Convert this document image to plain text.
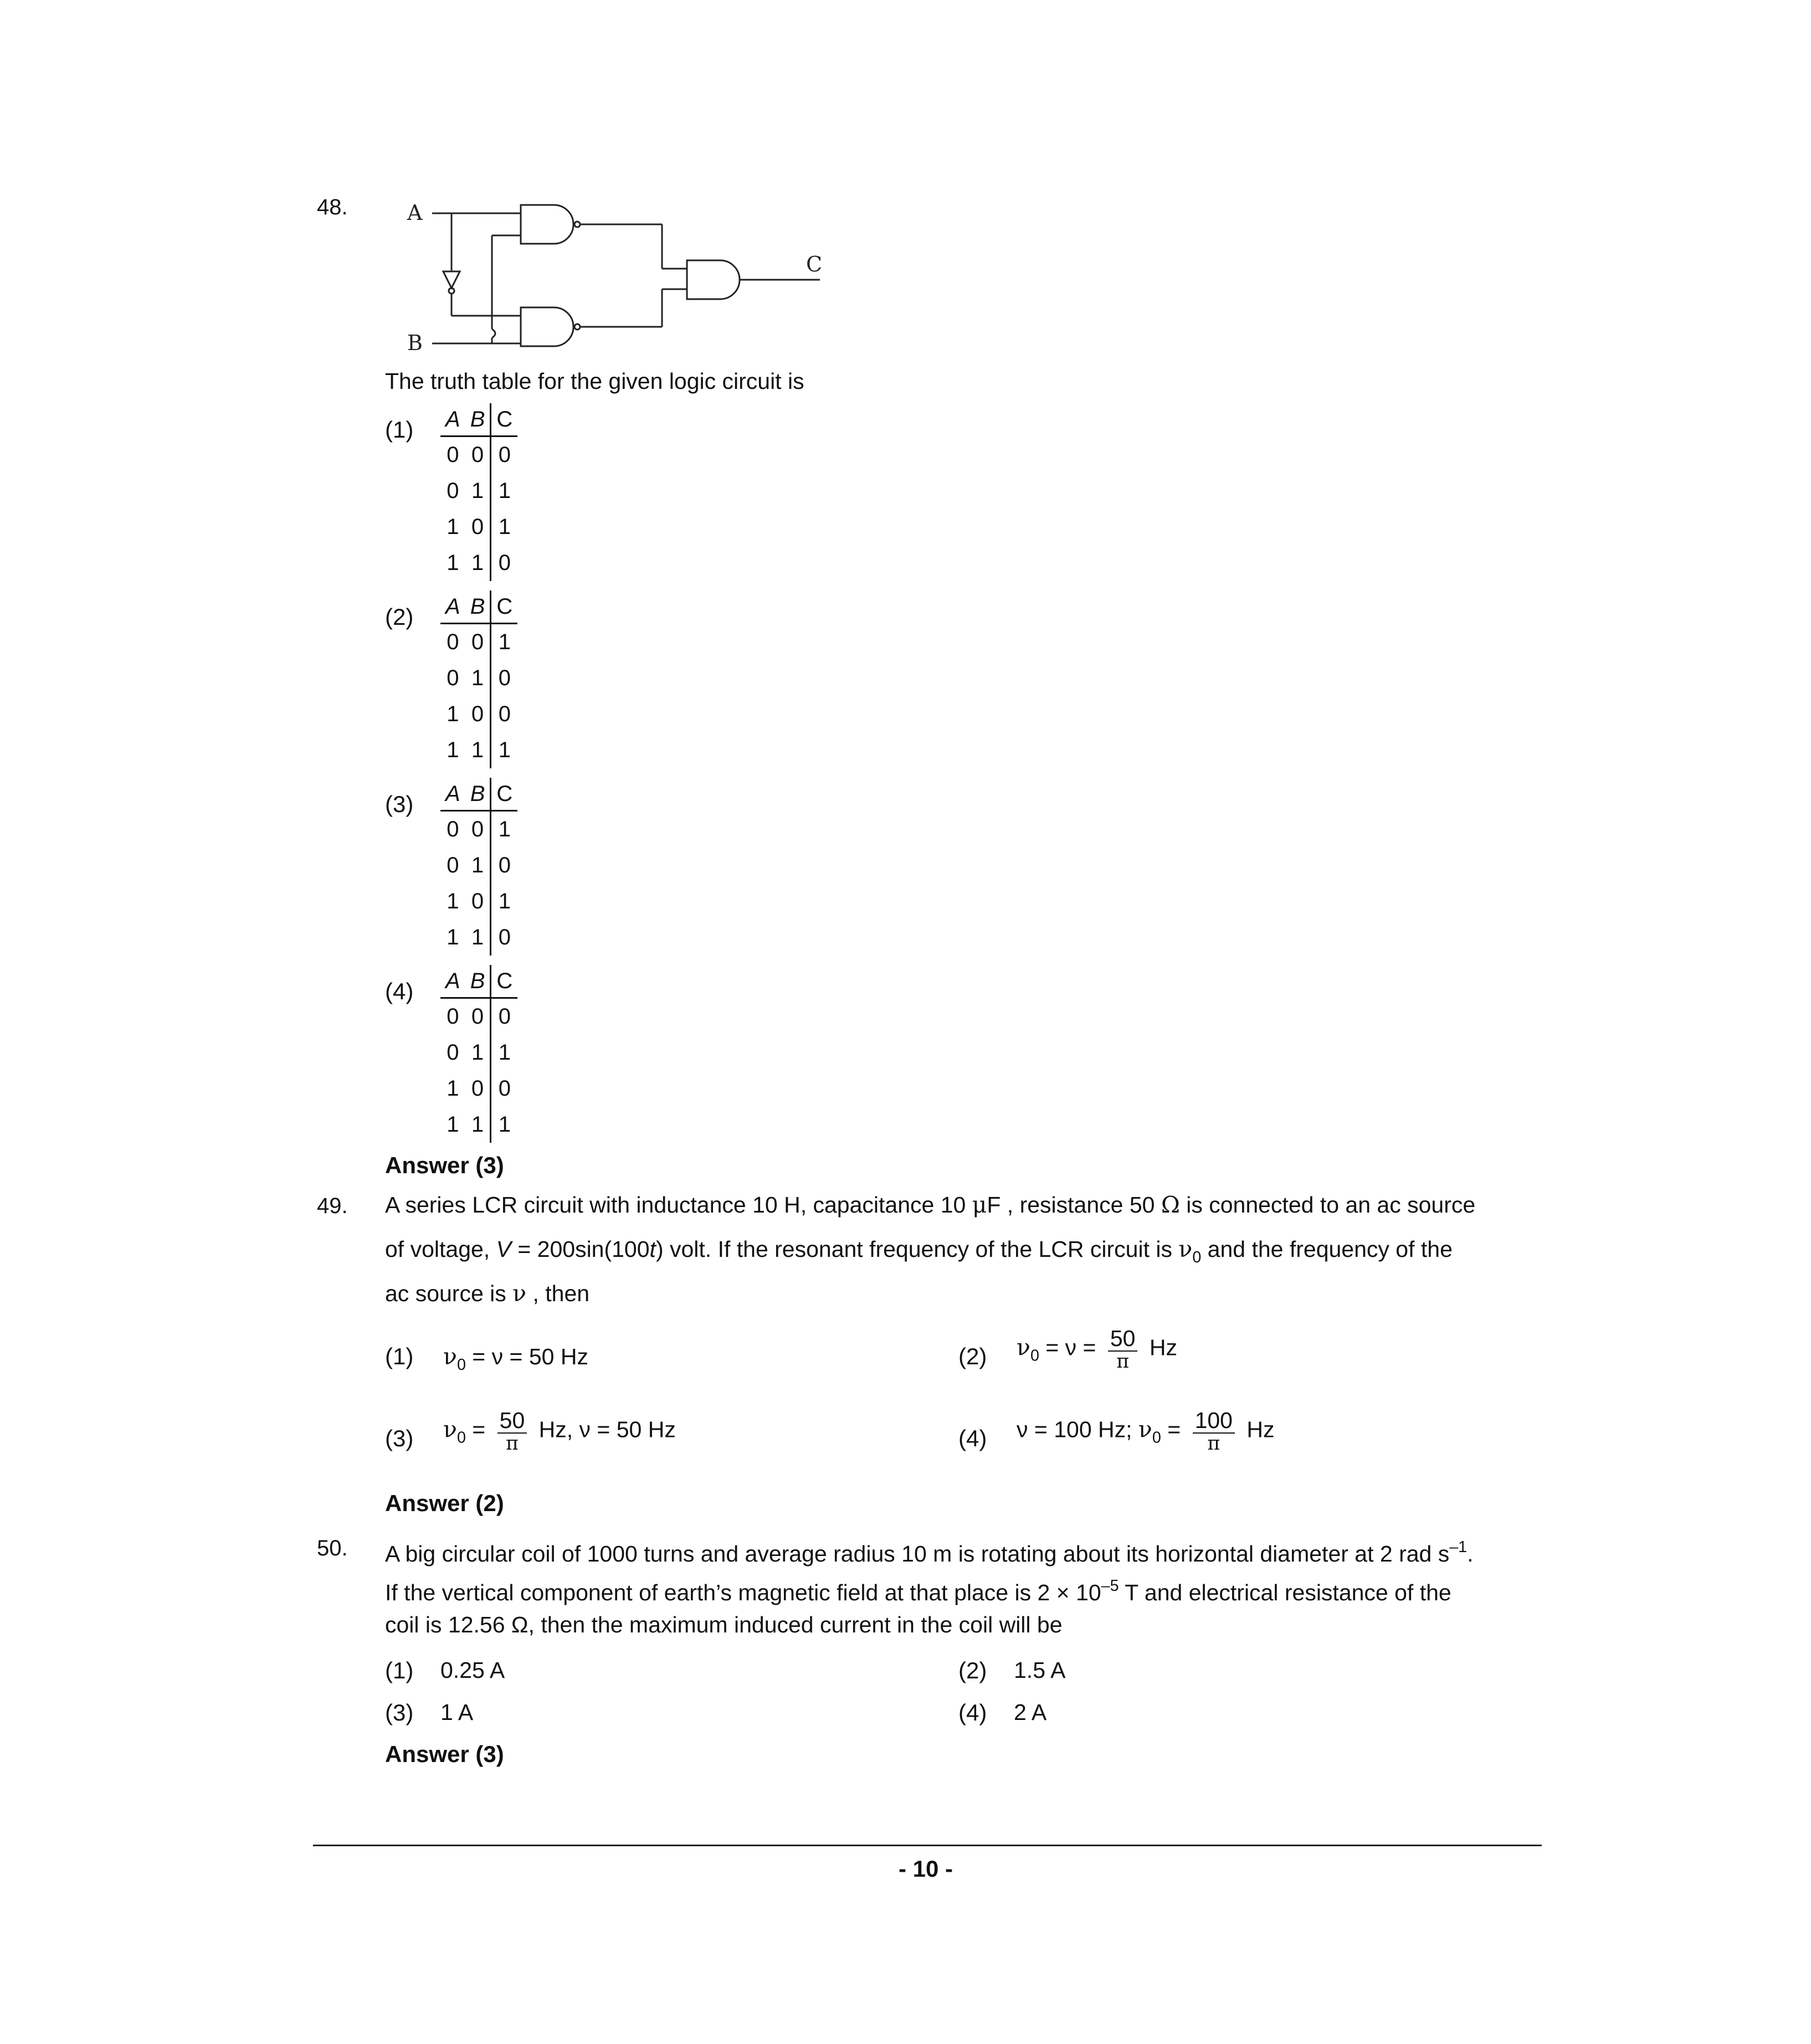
48.	A
B
C
The truth table for the given logic circuit is
(1) A	B	C
0	0	0
0	1	1
1	0	1
1	1	0
(2) A	B	C
0	0	1
0	1	0
1	0	0
1	1	1
(3) A	B	C
0	0	1
0	1	0
1	0	1
1	1	0
(4) A	B	C
0	0	0
0	1	1
1	0	0
1	1	1
Answer (3)
49. A series LCR circuit with inductance 10 H, capacitance 10 μF , resistance 50 Ω is connected to an ac source
of voltage, V = 200sin(100t) volt. If the resonant frequency of the LCR circuit is $\nu_0$ and the frequency of the
ac source is ν , then
(1) $\nu_0 = \nu = 50$ Hz	(2) $\nu_0 = \nu = \frac{50}{\pi}$ Hz
(3) $\nu_0 = \frac{50}{\pi} Hz$, ν = 50 Hz	(4) ν = 100 Hz; $\nu_0 = \frac{100}{\pi}$ Hz
Answer (2)
50. A big circular coil of 1000 turns and average radius 10 m is rotating about its horizontal diameter at 2 rad $s^{-1}$.
If the vertical component of earth’s magnetic field at that place is $2 \times 10^{-5}$ T and electrical resistance of the
coil is 12.56 Ω, then the maximum induced current in the coil will be
(1) 0.25 A	(2) 1.5 A
(3) 1 A	(4) 2 A
Answer (3)
- 10 -
